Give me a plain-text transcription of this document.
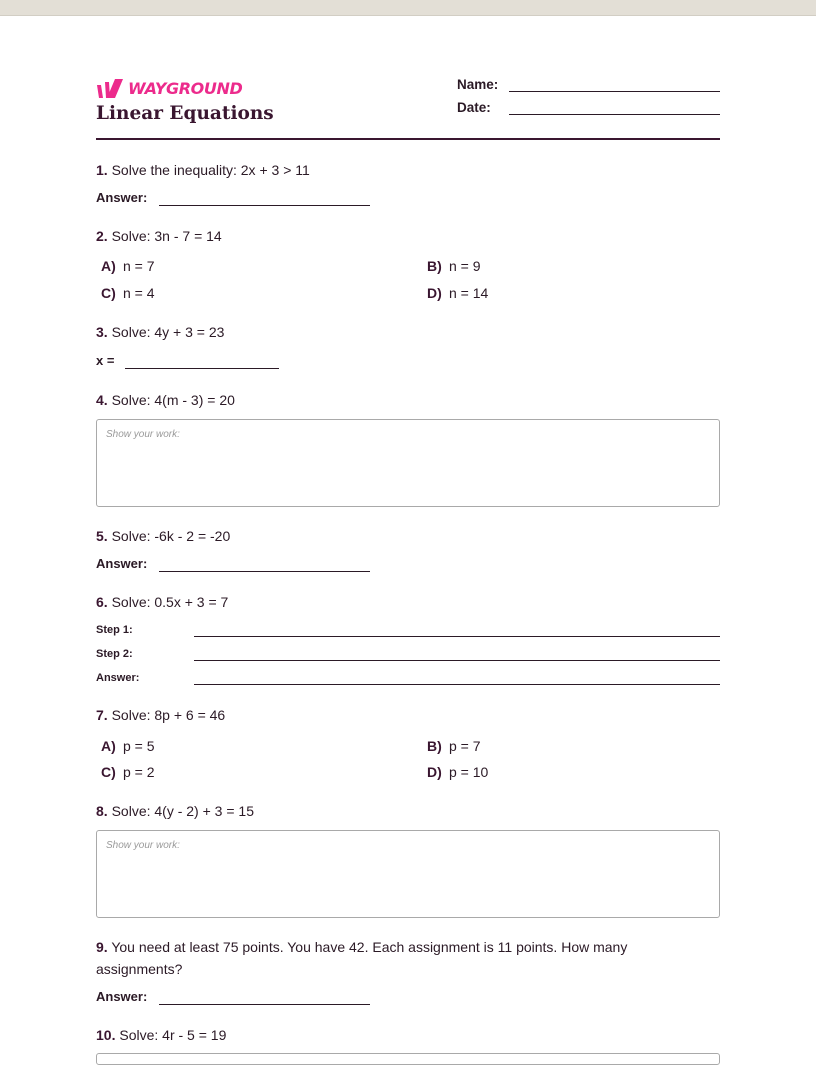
WAYGROUND
Linear Equations
Name:
Date:
1. Solve the inequality: 2x + 3 > 11
Answer:
2. Solve: 3n - 7 = 14
A) n = 7	B) n = 9
C) n = 4	D) n = 14
3. Solve: 4y + 3 = 23
x =
4. Solve: 4(m - 3) = 20
Show your work:
5. Solve: -6k - 2 = -20
Answer:
6. Solve: 0.5x + 3 = 7
Step 1:
Step 2:
Answer:
7. Solve: 8p + 6 = 46
A) p = 5	B) p = 7
C) p = 2	D) p = 10
8. Solve: 4(y - 2) + 3 = 15
Show your work:
9. You need at least 75 points. You have 42. Each assignment is 11 points. How many assignments?
Answer:
10. Solve: 4r - 5 = 19
